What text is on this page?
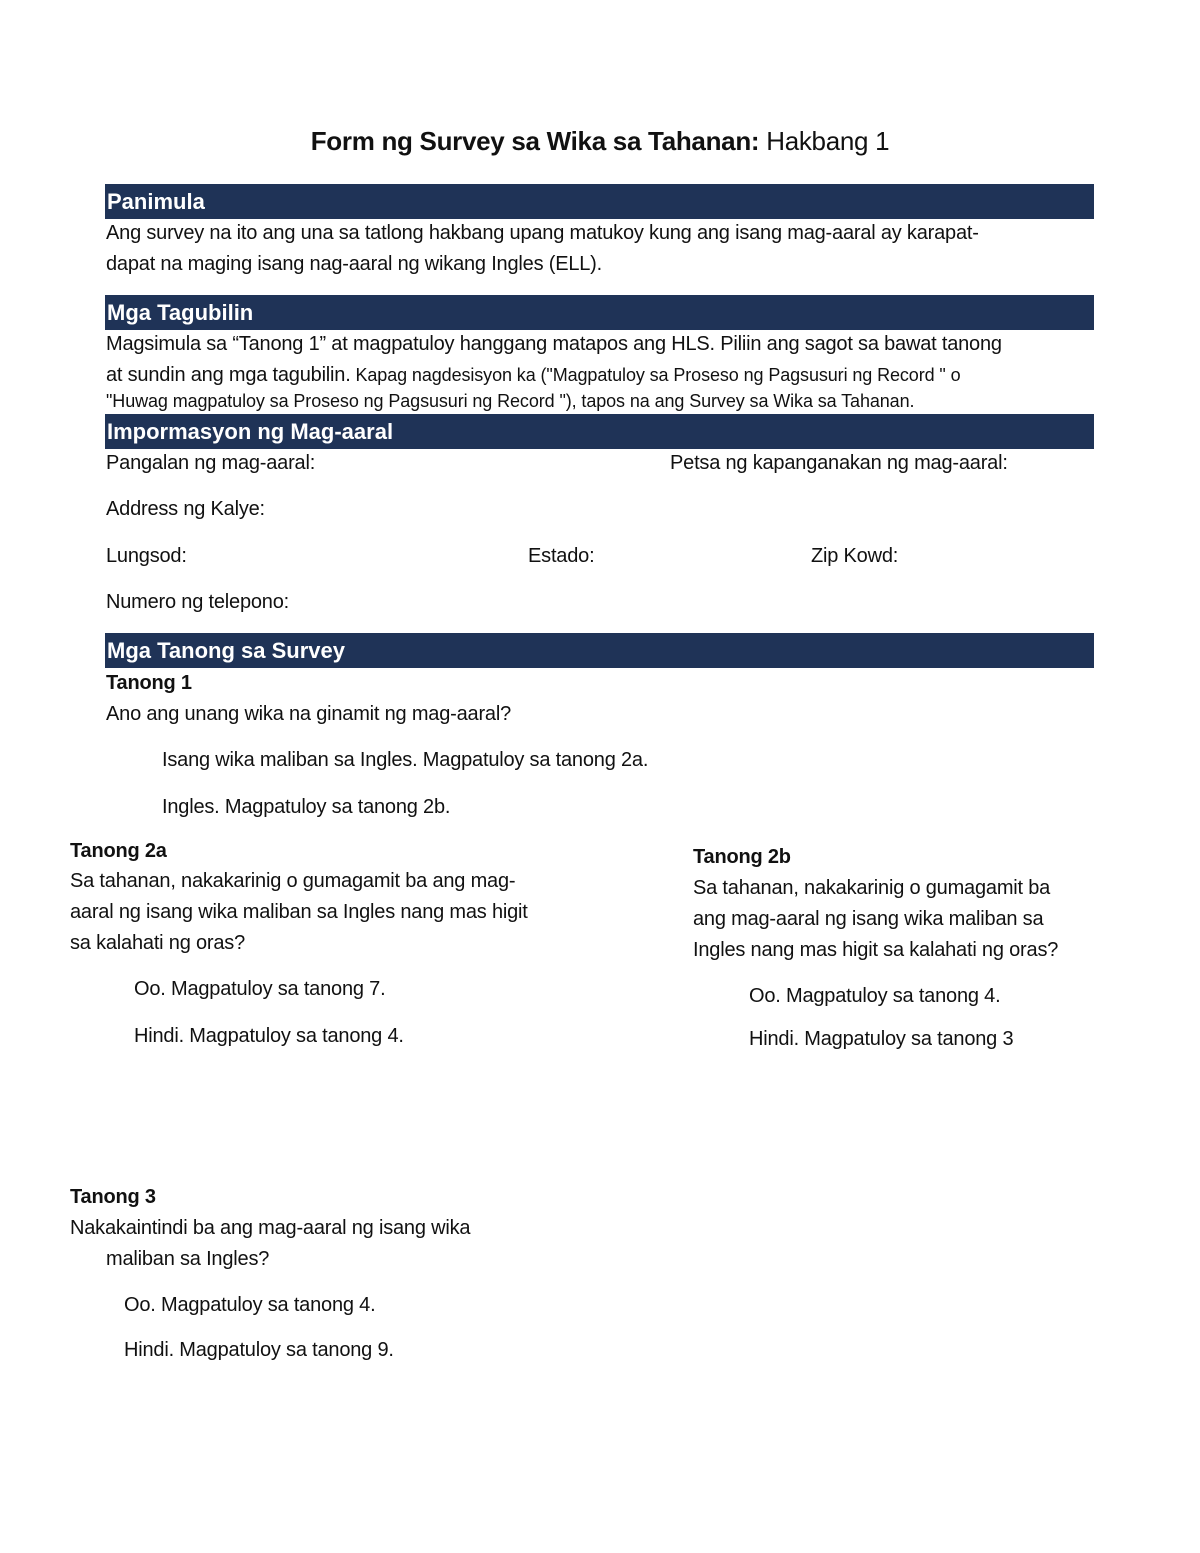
Form ng Survey sa Wika sa Tahanan: Hakbang 1
Panimula
Ang survey na ito ang una sa tatlong hakbang upang matukoy kung ang isang mag-aaral ay karapat-
dapat na maging isang nag-aaral ng wikang Ingles (ELL).
Mga Tagubilin
Magsimula sa “Tanong 1” at magpatuloy hanggang matapos ang HLS. Piliin ang sagot sa bawat tanong
at sundin ang mga tagubilin. Kapag nagdesisyon ka ("Magpatuloy sa Proseso ng Pagsusuri ng Record " o
"Huwag magpatuloy sa Proseso ng Pagsusuri ng Record "), tapos na ang Survey sa Wika sa Tahanan.
Impormasyon ng Mag-aaral
Pangalan ng mag-aaral:	Petsa ng kapanganakan ng mag-aaral:
Address ng Kalye:
Lungsod:	Estado:	Zip Kowd:
Numero ng telepono:
Mga Tanong sa Survey
Tanong 1
Ano ang unang wika na ginamit ng mag-aaral?
Isang wika maliban sa Ingles. Magpatuloy sa tanong 2a.
Ingles. Magpatuloy sa tanong 2b.
Tanong 2a
Sa tahanan, nakakarinig o gumagamit ba ang mag-
aaral ng isang wika maliban sa Ingles nang mas higit
sa kalahati ng oras?
Oo. Magpatuloy sa tanong 7.
Hindi. Magpatuloy sa tanong 4.
Tanong 2b
Sa tahanan, nakakarinig o gumagamit ba
ang mag-aaral ng isang wika maliban sa
Ingles nang mas higit sa kalahati ng oras?
Oo. Magpatuloy sa tanong 4.
Hindi. Magpatuloy sa tanong 3
Tanong 3
Nakakaintindi ba ang mag-aaral ng isang wika
maliban sa Ingles?
Oo. Magpatuloy sa tanong 4.
Hindi. Magpatuloy sa tanong 9.
